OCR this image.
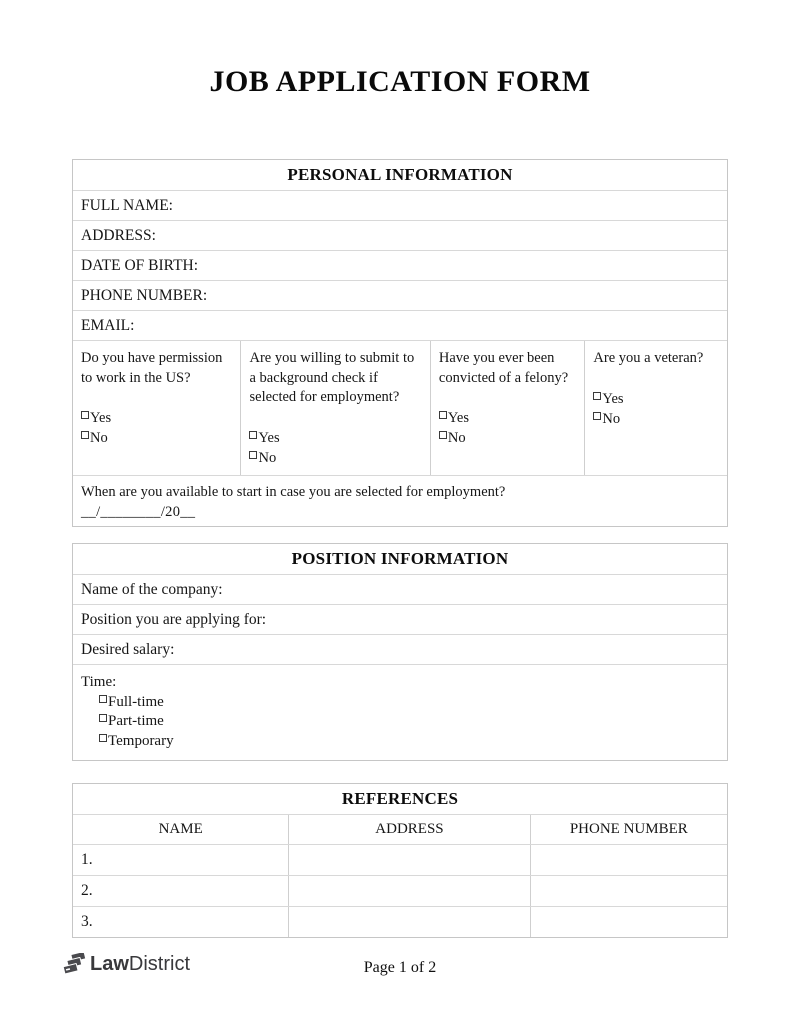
JOB APPLICATION FORM
PERSONAL INFORMATION
FULL NAME:
ADDRESS:
DATE OF BIRTH:
PHONE NUMBER:
EMAIL:
Do you have permission to work in the US?
Yes
No
Are you willing to submit to a background check if selected for employment?
Yes
No
Have you ever been convicted of a felony?
Yes
No
Are you a veteran?
Yes
No
When are you available to start in case you are selected for employment?
__/________/20__
POSITION INFORMATION
Name of the company:
Position you are applying for:
Desired salary:
Time:
Full-time
Part-time
Temporary
REFERENCES
NAME	ADDRESS	PHONE NUMBER
1.
2.
3.
LawDistrict	Page 1 of 2
